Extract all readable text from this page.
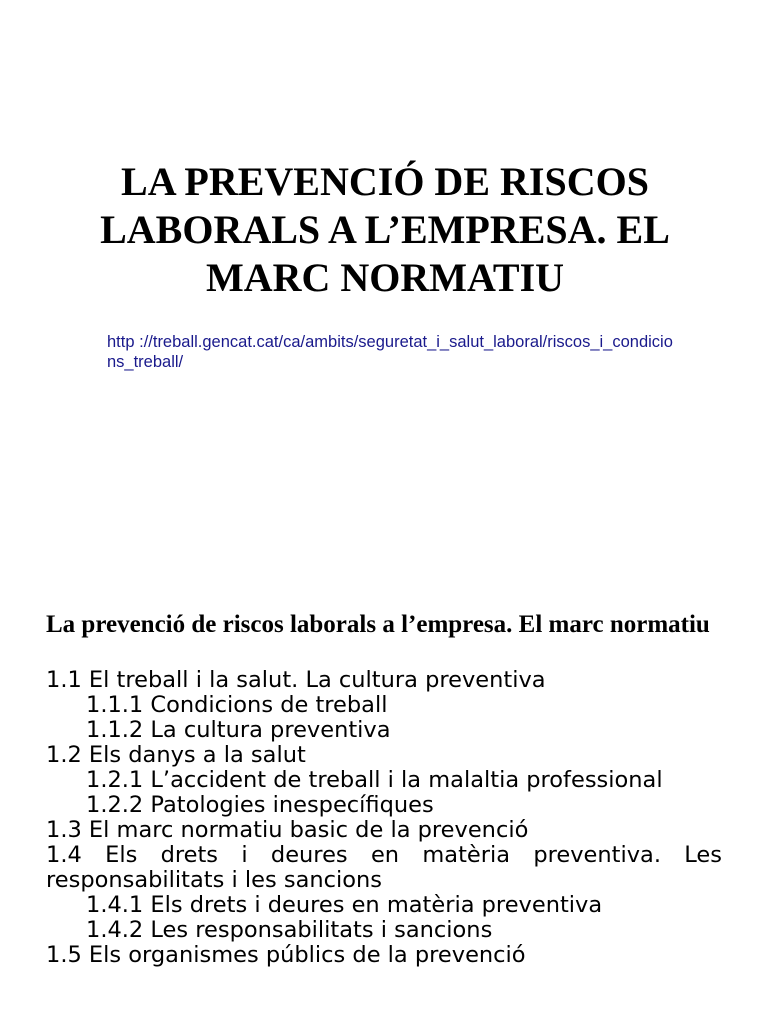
LA PREVENCIÓ DE RISCOS LABORALS A L’EMPRESA. EL MARC NORMATIU
http ://treball.gencat.cat/ca/ambits/seguretat_i_salut_laboral/riscos_i_condicions_treball/
La prevenció de riscos laborals a l’empresa. El marc normatiu
1.1 El treball i la salut. La cultura preventiva
1.1.1 Condicions de treball
1.1.2 La cultura preventiva
1.2 Els danys a la salut
1.2.1 L’accident de treball i la malaltia professional
1.2.2 Patologies inespecífiques
1.3 El marc normatiu basic de la prevenció
1.4 Els drets i deures en matèria preventiva. Les responsabilitats i les sancions
1.4.1 Els drets i deures en matèria preventiva
1.4.2 Les responsabilitats i sancions
1.5 Els organismes públics de la prevenció
